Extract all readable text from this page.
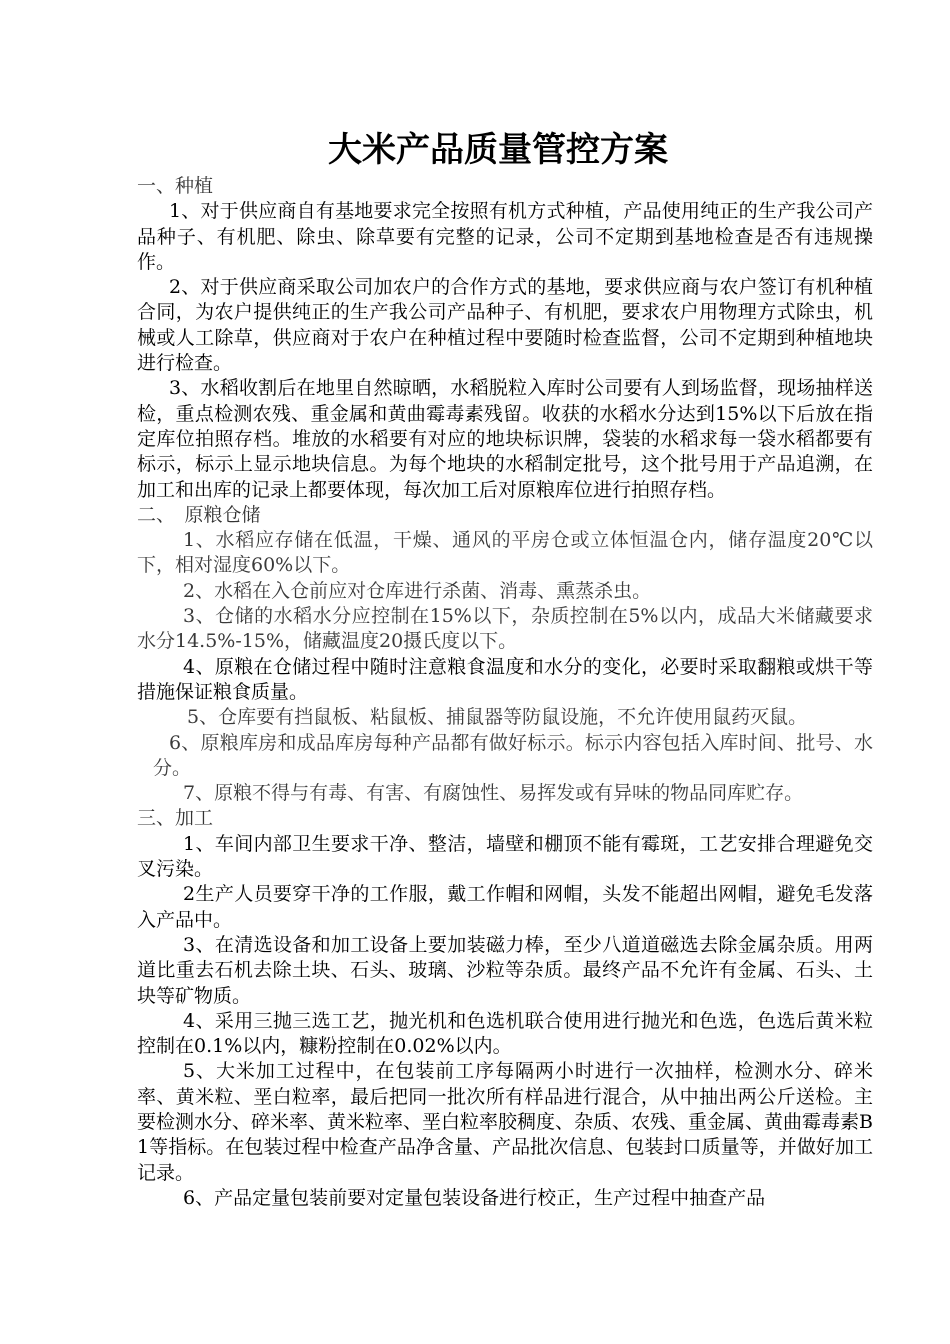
大米产品质量管控方案

一、种植

1、对于供应商自有基地要求完全按照有机方式种植，产品使用纯正的生产我公司产品种子、有机肥、除虫、除草要有完整的记录，公司不定期到基地检查是否有违规操作。

2、对于供应商采取公司加农户的合作方式的基地，要求供应商与农户签订有机种植合同，为农户提供纯正的生产我公司产品种子、有机肥，要求农户用物理方式除虫，机械或人工除草，供应商对于农户在种植过程中要随时检查监督，公司不定期到种植地块进行检查。

3、水稻收割后在地里自然晾晒，水稻脱粒入库时公司要有人到场监督，现场抽样送检，重点检测农残、重金属和黄曲霉毒素残留。收获的水稻水分达到15%以下后放在指定库位拍照存档。堆放的水稻要有对应的地块标识牌，袋装的水稻求每一袋水稻都要有标示，标示上显示地块信息。为每个地块的水稻制定批号，这个批号用于产品追溯，在加工和出库的记录上都要体现，每次加工后对原粮库位进行拍照存档。

二、　原粮仓储

1、水稻应存储在低温，干燥、通风的平房仓或立体恒温仓内，储存温度20℃以下，相对湿度60%以下。

2、水稻在入仓前应对仓库进行杀菌、消毒、熏蒸杀虫。

3、仓储的水稻水分应控制在15%以下，杂质控制在5%以内，成品大米储藏要求水分14.5%-15%，储藏温度20摄氏度以下。

4、原粮在仓储过程中随时注意粮食温度和水分的变化，必要时采取翻粮或烘干等措施保证粮食质量。

5、仓库要有挡鼠板、粘鼠板、捕鼠器等防鼠设施，不允许使用鼠药灭鼠。

6、原粮库房和成品库房每种产品都有做好标示。标示内容包括入库时间、批号、水分。

7、原粮不得与有毒、有害、有腐蚀性、易挥发或有异味的物品同库贮存。

三、加工

1、车间内部卫生要求干净、整洁，墙壁和棚顶不能有霉斑，工艺安排合理避免交叉污染。

2生产人员要穿干净的工作服，戴工作帽和网帽，头发不能超出网帽，避免毛发落入产品中。

3、在清选设备和加工设备上要加装磁力棒，至少八道道磁选去除金属杂质。用两道比重去石机去除土块、石头、玻璃、沙粒等杂质。最终产品不允许有金属、石头、土块等矿物质。

4、采用三抛三选工艺，抛光机和色选机联合使用进行抛光和色选，色选后黄米粒控制在0.1%以内，糠粉控制在0.02%以内。

5、大米加工过程中，在包装前工序每隔两小时进行一次抽样，检测水分、碎米率、黄米粒、垩白粒率，最后把同一批次所有样品进行混合，从中抽出两公斤送检。主要检测水分、碎米率、黄米粒率、垩白粒率胶稠度、杂质、农残、重金属、黄曲霉毒素B1等指标。在包装过程中检查产品净含量、产品批次信息、包装封口质量等，并做好加工记录。

6、产品定量包装前要对定量包装设备进行校正，生产过程中抽查产品
